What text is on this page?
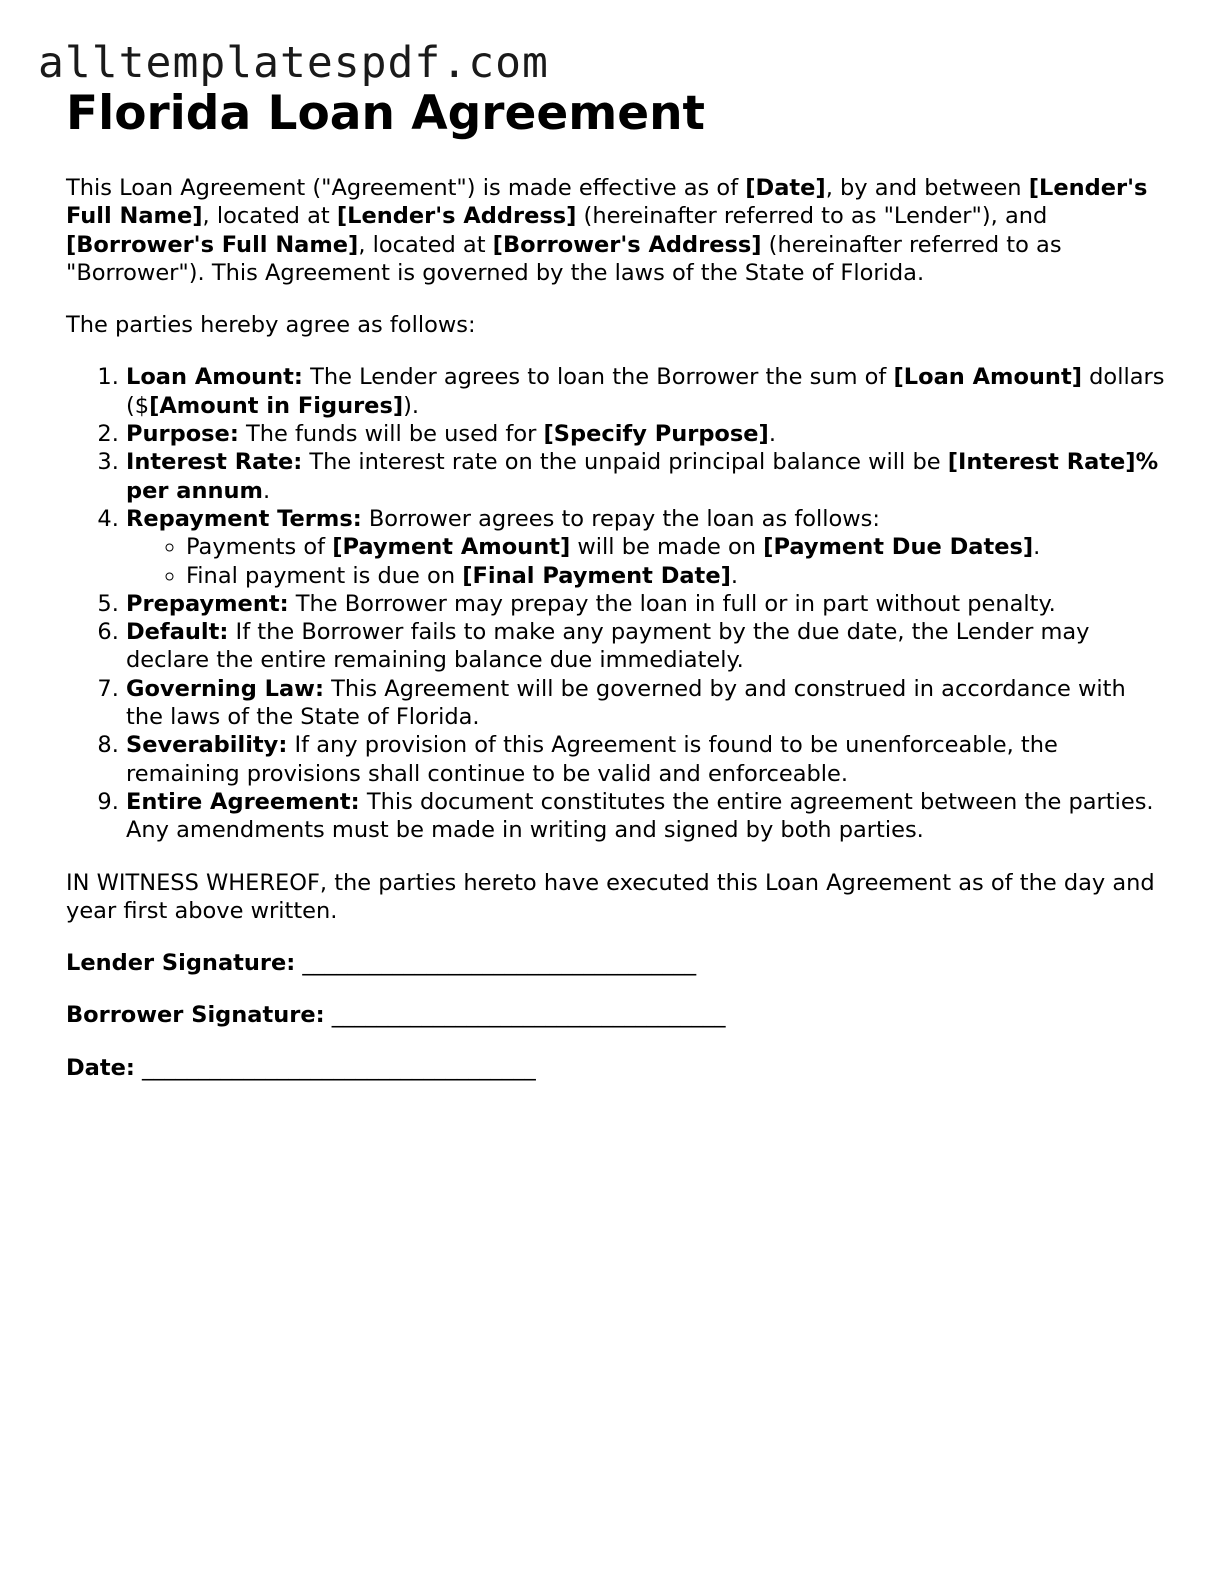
alltemplatespdf.com
Florida Loan Agreement

This Loan Agreement ("Agreement") is made effective as of [Date], by and between [Lender's Full Name], located at [Lender's Address] (hereinafter referred to as "Lender"), and [Borrower's Full Name], located at [Borrower's Address] (hereinafter referred to as "Borrower"). This Agreement is governed by the laws of the State of Florida.

The parties hereby agree as follows:

1. Loan Amount: The Lender agrees to loan the Borrower the sum of [Loan Amount] dollars ($[Amount in Figures]).
2. Purpose: The funds will be used for [Specify Purpose].
3. Interest Rate: The interest rate on the unpaid principal balance will be [Interest Rate]% per annum.
4. Repayment Terms: Borrower agrees to repay the loan as follows:
◦ Payments of [Payment Amount] will be made on [Payment Due Dates].
◦ Final payment is due on [Final Payment Date].
5. Prepayment: The Borrower may prepay the loan in full or in part without penalty.
6. Default: If the Borrower fails to make any payment by the due date, the Lender may declare the entire remaining balance due immediately.
7. Governing Law: This Agreement will be governed by and construed in accordance with the laws of the State of Florida.
8. Severability: If any provision of this Agreement is found to be unenforceable, the remaining provisions shall continue to be valid and enforceable.
9. Entire Agreement: This document constitutes the entire agreement between the parties. Any amendments must be made in writing and signed by both parties.

IN WITNESS WHEREOF, the parties hereto have executed this Loan Agreement as of the day and year first above written.

Lender Signature: ___________________________________
Borrower Signature: ___________________________________
Date: ___________________________________
